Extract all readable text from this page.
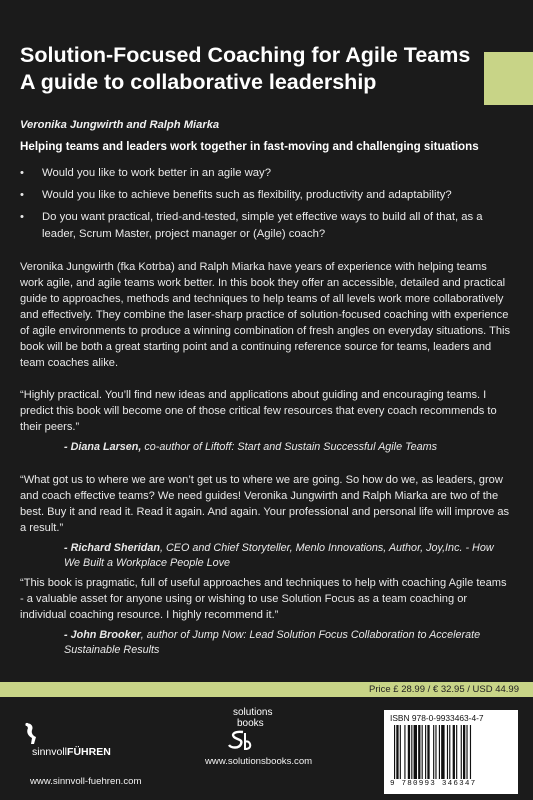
Solution-Focused Coaching for Agile Teams
A guide to collaborative leadership
Veronika Jungwirth and Ralph Miarka
Helping teams and leaders work together in fast-moving and challenging situations
• Would you like to work better in an agile way?
• Would you like to achieve benefits such as flexibility, productivity and adaptability?
• Do you want practical, tried-and-tested, simple yet effective ways to build all of that, as a leader, Scrum Master, project manager or (Agile) coach?

Veronika Jungwirth (fka Kotrba) and Ralph Miarka have years of experience with helping teams work agile, and agile teams work better. In this book they offer an accessible, detailed and practical guide to approaches, methods and techniques to help teams of all levels work more collaboratively and effectively. They combine the laser-sharp practice of solution-focused coaching with experience of agile environments to produce a winning combination of fresh angles on everyday situations. This book will be both a great starting point and a continuing reference source for teams, leaders and team coaches alike.

“Highly practical. You’ll find new ideas and applications about guiding and encouraging teams. I predict this book will become one of those critical few resources that every coach recommends to their peers.”

- Diana Larsen, co-author of Liftoff: Start and Sustain Successful Agile Teams

“What got us to where we are won’t get us to where we are going. So how do we, as leaders, grow and coach effective teams? We need guides! Veronika Jungwirth and Ralph Miarka are two of the best. Buy it and read it. Read it again. And again. Your professional and personal life will improve as a result.”

- Richard Sheridan, CEO and Chief Storyteller, Menlo Innovations, Author, Joy,Inc. - How We Built a Workplace People Love

“This book is pragmatic, full of useful approaches and techniques to help with coaching Agile teams - a valuable asset for anyone using or wishing to use Solution Focus as a team coaching or individual coaching resource. I highly recommend it.”

- John Brooker, author of Jump Now: Lead Solution Focus Collaboration to Accelerate Sustainable Results

Price £ 28.99 / € 32.95 / USD 44.99
sinnvollFÜHREN
www.sinnvoll-fuehren.com
solutions
books
www.solutionsbooks.com
ISBN 978-0-9933463-4-7
9 780993 346347
